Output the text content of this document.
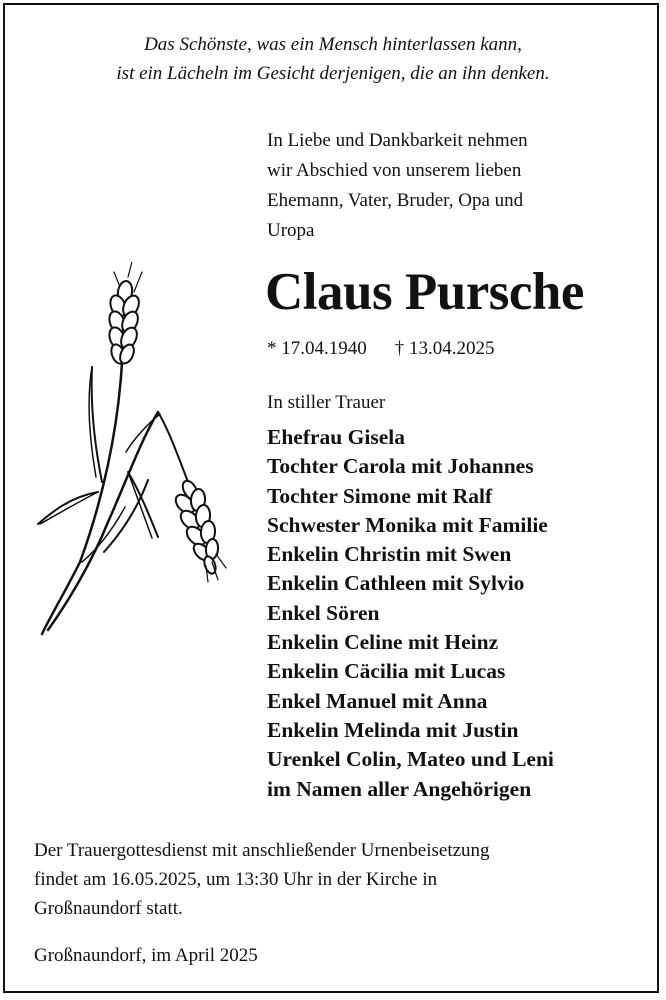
Das Schönste, was ein Mensch hinterlassen kann,
ist ein Lächeln im Gesicht derjenigen, die an ihn denken.
In Liebe und Dankbarkeit nehmen
wir Abschied von unserem lieben
Ehemann, Vater, Bruder, Opa und
Uropa
Claus Pursche
* 17.04.1940 † 13.04.2025
In stiller Trauer
Ehefrau Gisela
Tochter Carola mit Johannes
Tochter Simone mit Ralf
Schwester Monika mit Familie
Enkelin Christin mit Swen
Enkelin Cathleen mit Sylvio
Enkel Sören
Enkelin Celine mit Heinz
Enkelin Cäcilia mit Lucas
Enkel Manuel mit Anna
Enkelin Melinda mit Justin
Urenkel Colin, Mateo und Leni
im Namen aller Angehörigen
Der Trauergottesdienst mit anschließender Urnenbeisetzung
findet am 16.05.2025, um 13:30 Uhr in der Kirche in
Großnaundorf statt.
Großnaundorf, im April 2025
